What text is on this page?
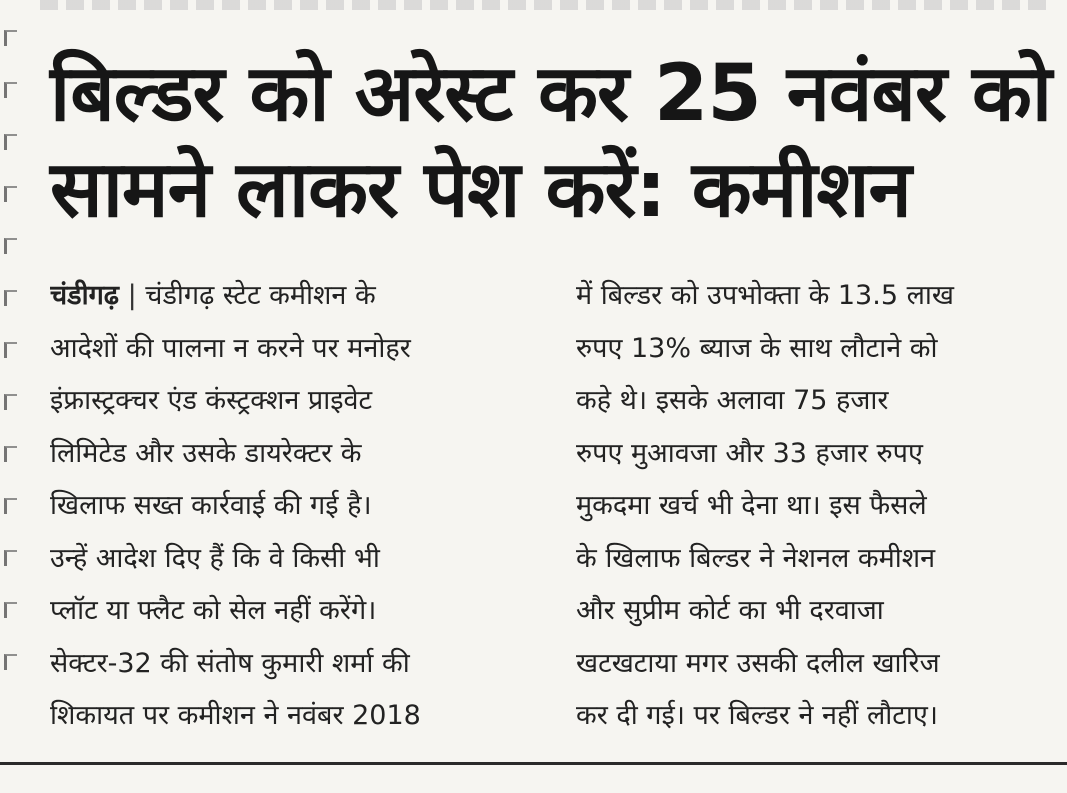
बिल्डर को अरेस्ट कर 25 नवंबर को
सामने लाकर पेश करें: कमीशन
चंडीगढ़ | चंडीगढ़ स्टेट कमीशन के
आदेशों की पालना न करने पर मनोहर
इंफ्रास्ट्रक्चर एंड कंस्ट्रक्शन प्राइवेट
लिमिटेड और उसके डायरेक्टर के
खिलाफ सख्त कार्रवाई की गई है।
उन्हें आदेश दिए हैं कि वे किसी भी
प्लॉट या फ्लैट को सेल नहीं करेंगे।
सेक्टर-32 की संतोष कुमारी शर्मा की
शिकायत पर कमीशन ने नवंबर 2018
में बिल्डर को उपभोक्ता के 13.5 लाख
रुपए 13% ब्याज के साथ लौटाने को
कहे थे। इसके अलावा 75 हजार
रुपए मुआवजा और 33 हजार रुपए
मुकदमा खर्च भी देना था। इस फैसले
के खिलाफ बिल्डर ने नेशनल कमीशन
और सुप्रीम कोर्ट का भी दरवाजा
खटखटाया मगर उसकी दलील खारिज
कर दी गई। पर बिल्डर ने नहीं लौटाए।
